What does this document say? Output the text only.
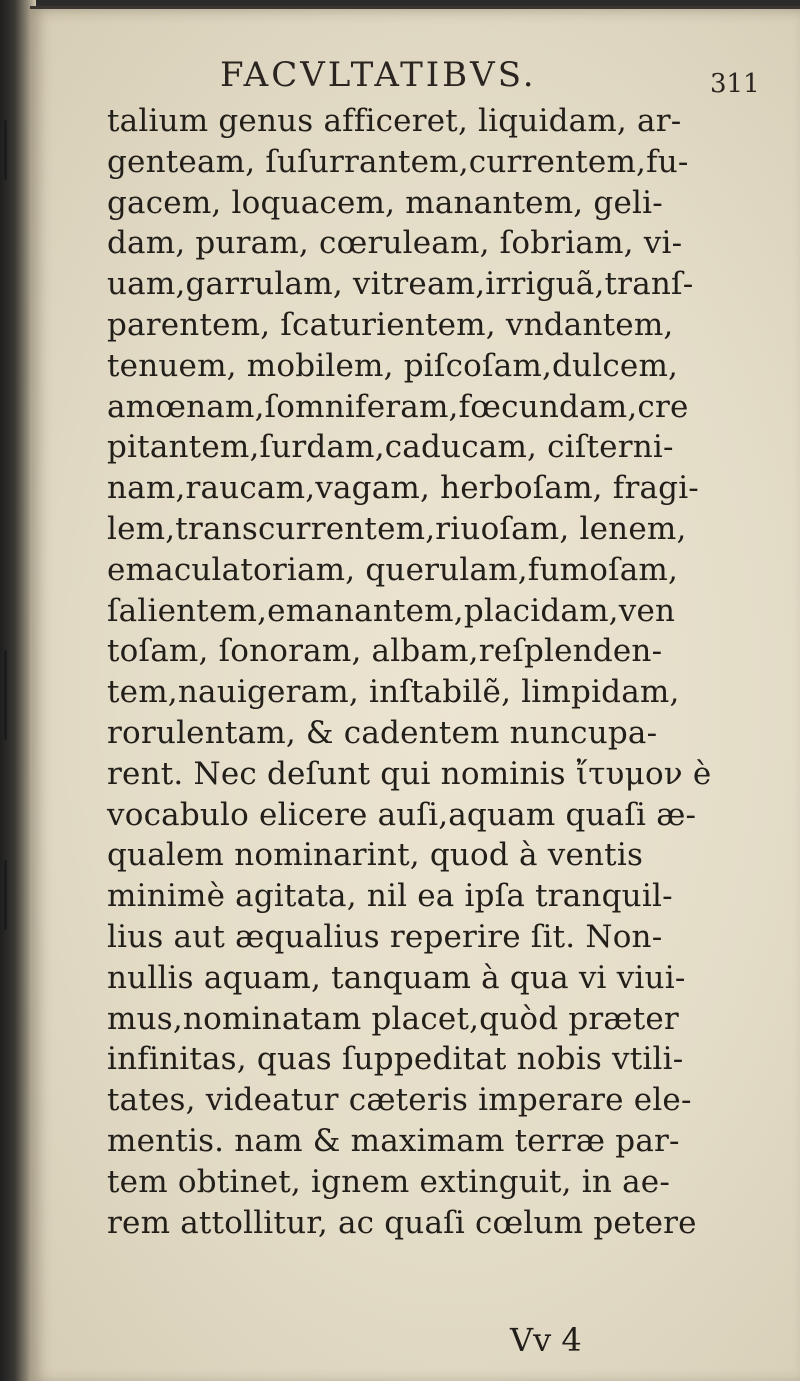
FACVLTATIBVS.	311
talium genus afficeret, liquidam, ar-
genteam, ſuſurrantem,currentem,fu-
gacem, loquacem, manantem, geli-
dam, puram, cœruleam, ſobriam, vi-
uam,garrulam, vitream,irriguã,tranſ-
parentem, ſcaturientem, vndantem,
tenuem, mobilem, piſcoſam,dulcem,
amœnam,ſomniferam,fœcundam,cre
pitantem,ſurdam,caducam, ciſterni-
nam,raucam,vagam, herboſam, fragi-
lem,transcurrentem,riuoſam, lenem,
emaculatoriam, querulam,fumoſam,
ſalientem,emanantem,placidam,ven
toſam, ſonoram, albam,reſplenden-
tem,nauigeram, inſtabilẽ, limpidam,
rorulentam, & cadentem nuncupa-
rent. Nec deſunt qui nominis ἴτυμον è
vocabulo elicere auſi,aquam quaſi æ-
qualem nominarint, quod à ventis
minimè agitata, nil ea ipſa tranquil-
lius aut æqualius reperire ſit. Non-
nullis aquam, tanquam à qua vi viui-
mus,nominatam placet,quòd præter
infinitas, quas ſuppeditat nobis vtili-
tates, videatur cæteris imperare ele-
mentis. nam & maximam terræ par-
tem obtinet, ignem extinguit, in ae-
rem attollitur, ac quaſi cœlum petere
Vv 4
